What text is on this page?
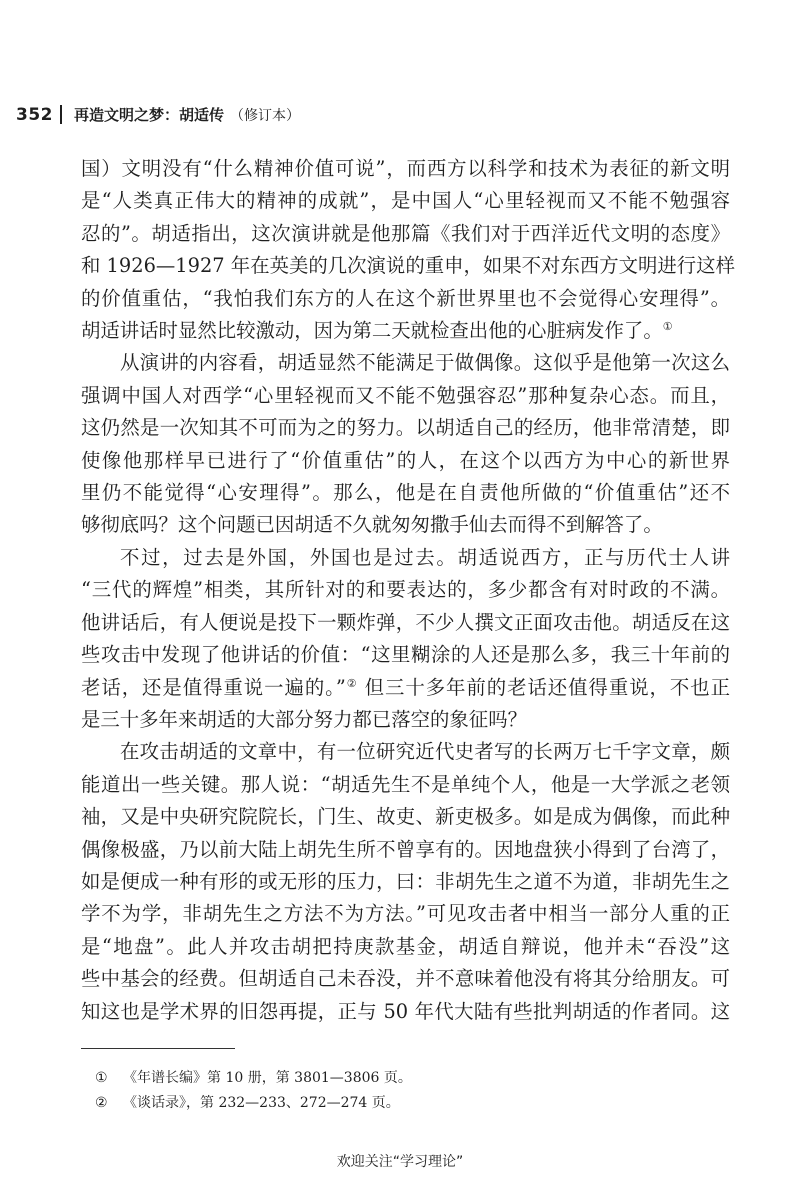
352 再造文明之梦：胡适传 （修订本）

国）文明没有“什么精神价值可说”，而西方以科学和技术为表征的新文明
是“人类真正伟大的精神的成就”，是中国人“心里轻视而又不能不勉强容
忍的”。胡适指出，这次演讲就是他那篇《我们对于西洋近代文明的态度》
和 1926—1927 年在英美的几次演说的重申，如果不对东西方文明进行这样
的价值重估，“我怕我们东方的人在这个新世界里也不会觉得心安理得”。
胡适讲话时显然比较激动，因为第二天就检查出他的心脏病发作了。①

从演讲的内容看，胡适显然不能满足于做偶像。这似乎是他第一次这么
强调中国人对西学“心里轻视而又不能不勉强容忍”那种复杂心态。而且，
这仍然是一次知其不可而为之的努力。以胡适自己的经历，他非常清楚，即
使像他那样早已进行了“价值重估”的人，在这个以西方为中心的新世界
里仍不能觉得“心安理得”。那么，他是在自责他所做的“价值重估”还不
够彻底吗？这个问题已因胡适不久就匆匆撒手仙去而得不到解答了。

不过，过去是外国，外国也是过去。胡适说西方，正与历代士人讲
“三代的辉煌”相类，其所针对的和要表达的，多少都含有对时政的不满。
他讲话后，有人便说是投下一颗炸弹，不少人撰文正面攻击他。胡适反在这
些攻击中发现了他讲话的价值：“这里糊涂的人还是那么多，我三十年前的
老话，还是值得重说一遍的。”② 但三十多年前的老话还值得重说，不也正
是三十多年来胡适的大部分努力都已落空的象征吗？

在攻击胡适的文章中，有一位研究近代史者写的长两万七千字文章，颇
能道出一些关键。那人说：“胡适先生不是单纯个人，他是一大学派之老领
袖，又是中央研究院院长，门生、故吏、新吏极多。如是成为偶像，而此种
偶像极盛，乃以前大陆上胡先生所不曾享有的。因地盘狭小得到了台湾了，
如是便成一种有形的或无形的压力，曰：非胡先生之道不为道，非胡先生之
学不为学，非胡先生之方法不为方法。”可见攻击者中相当一部分人重的正
是“地盘”。此人并攻击胡把持庚款基金，胡适自辩说，他并未“吞没”这
些中基会的经费。但胡适自己未吞没，并不意味着他没有将其分给朋友。可
知这也是学术界的旧怨再提，正与 50 年代大陆有些批判胡适的作者同。这

①	《年谱长编》第 10 册，第 3801—3806 页。
②	《谈话录》，第 232—233、272—274 页。
欢迎关注“学习理论”
